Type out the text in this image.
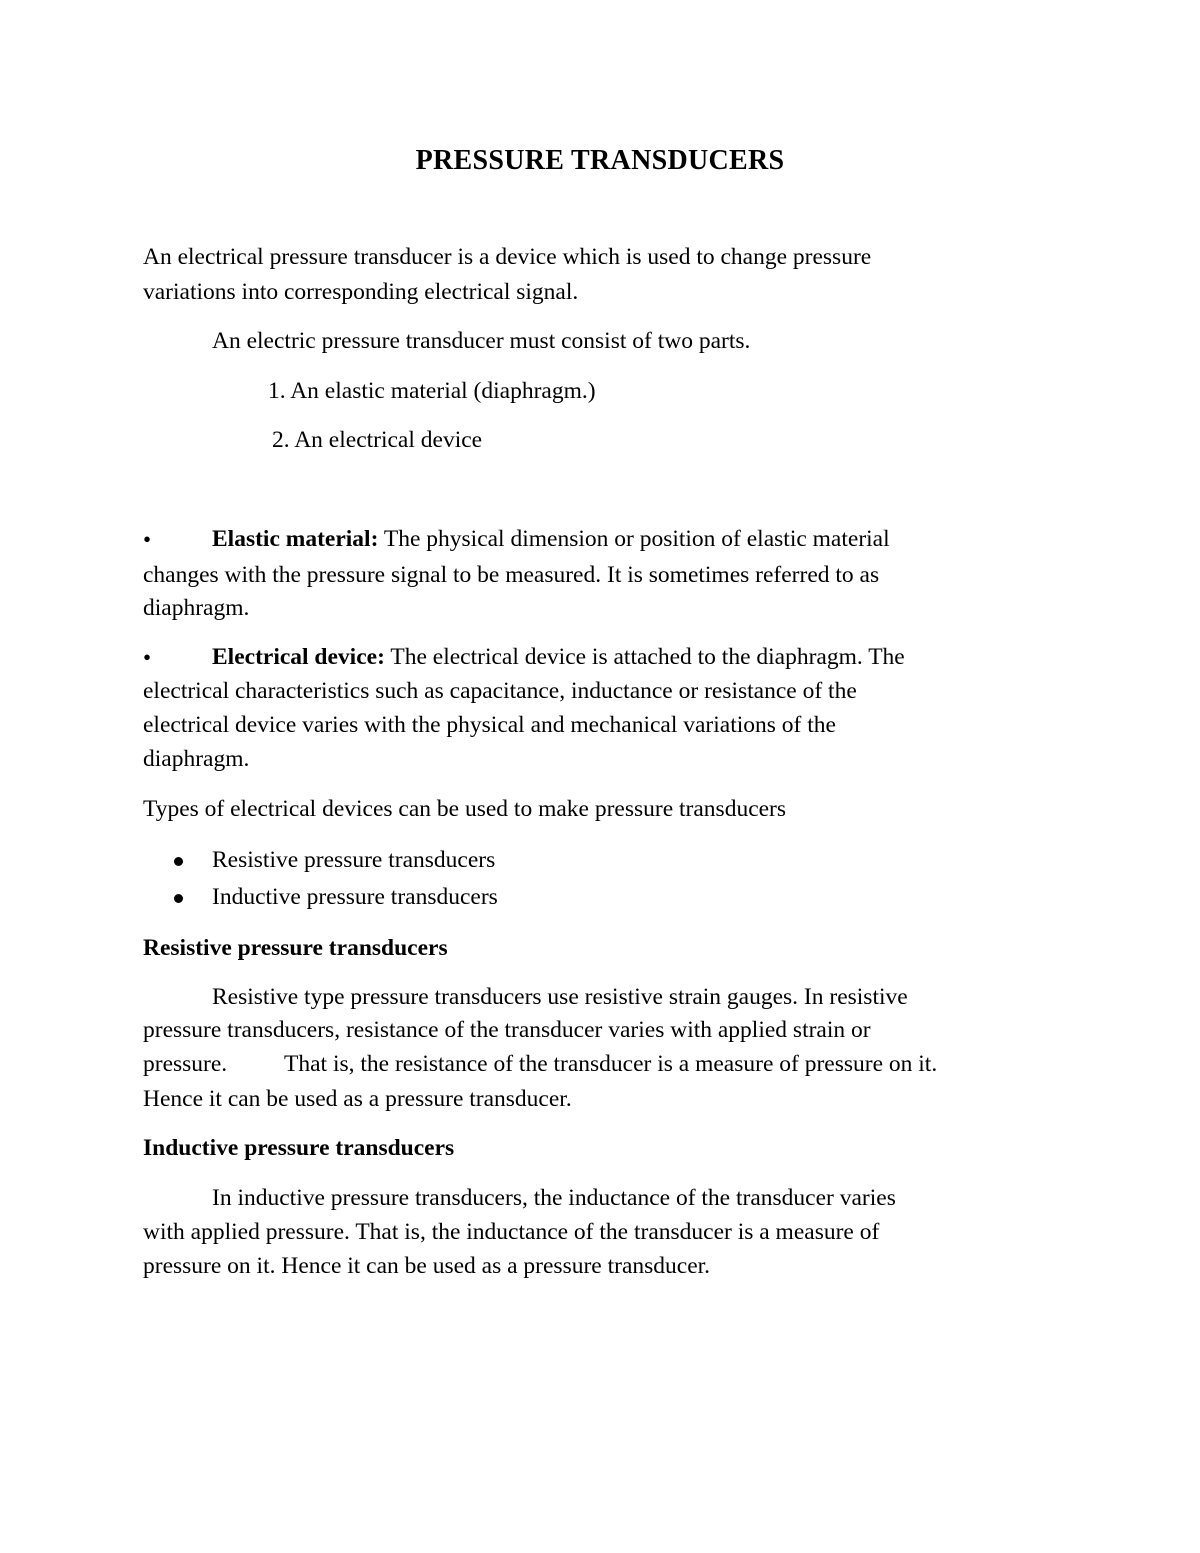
PRESSURE TRANSDUCERS
An electrical pressure transducer is a device which is used to change pressure
variations into corresponding electrical signal.
An electric pressure transducer must consist of two parts.
1. An elastic material (diaphragm.)
2. An electrical device
•	Elastic material: The physical dimension or position of elastic material
changes with the pressure signal to be measured. It is sometimes referred to as
diaphragm.
•	Electrical device: The electrical device is attached to the diaphragm. The
electrical characteristics such as capacitance, inductance or resistance of the
electrical device varies with the physical and mechanical variations of the
diaphragm.
Types of electrical devices can be used to make pressure transducers
Resistive pressure transducers
Inductive pressure transducers
Resistive pressure transducers
Resistive type pressure transducers use resistive strain gauges. In resistive
pressure transducers, resistance of the transducer varies with applied strain or
pressure. That is, the resistance of the transducer is a measure of pressure on it.
Hence it can be used as a pressure transducer.
Inductive pressure transducers
In inductive pressure transducers, the inductance of the transducer varies
with applied pressure. That is, the inductance of the transducer is a measure of
pressure on it. Hence it can be used as a pressure transducer.
